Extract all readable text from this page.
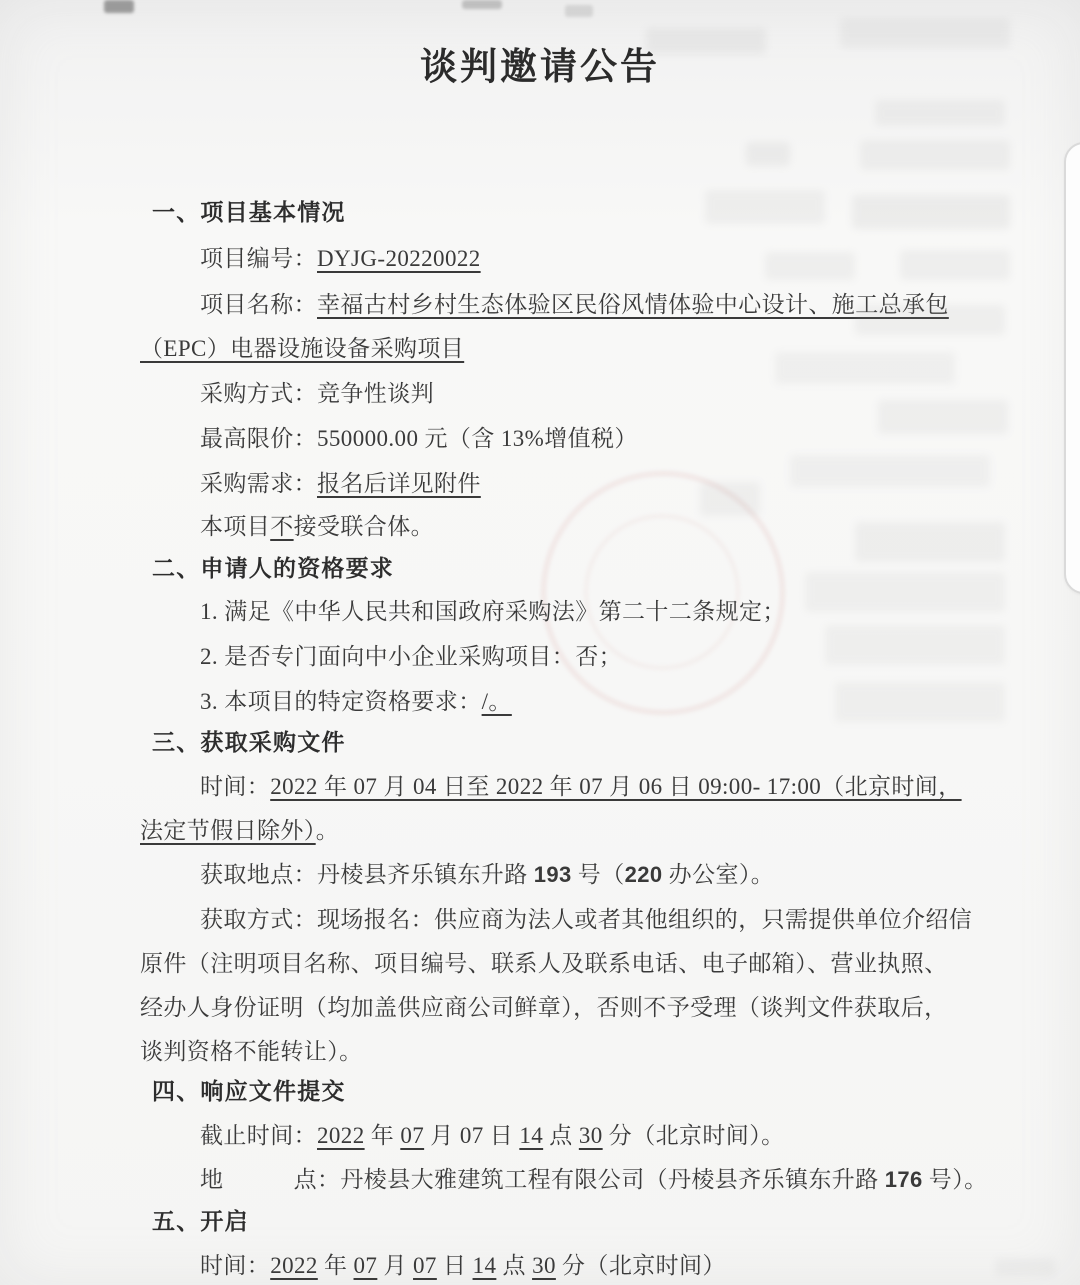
谈判邀请公告
一、项目基本情况
项目编号：DYJG-20220022
项目名称：幸福古村乡村生态体验区民俗风情体验中心设计、施工总承包
（EPC）电器设施设备采购项目
采购方式：竞争性谈判
最高限价：550000.00 元（含 13%增值税）
采购需求：报名后详见附件
本项目不接受联合体。
二、申请人的资格要求
1. 满足《中华人民共和国政府采购法》第二十二条规定；
2. 是否专门面向中小企业采购项目：否；
3. 本项目的特定资格要求：/。
三、获取采购文件
时间：2022 年 07 月 04 日至 2022 年 07 月 06 日 09:00- 17:00（北京时间，
法定节假日除外）。
获取地点：丹棱县齐乐镇东升路 193 号（220 办公室）。
获取方式：现场报名：供应商为法人或者其他组织的，只需提供单位介绍信
原件（注明项目名称、项目编号、联系人及联系电话、电子邮箱）、营业执照、
经办人身份证明（均加盖供应商公司鲜章），否则不予受理（谈判文件获取后，
谈判资格不能转让）。
四、响应文件提交
截止时间：2022 年 07 月 07 日 14 点 30 分（北京时间）。
地　　　点：丹棱县大雅建筑工程有限公司（丹棱县齐乐镇东升路 176 号）。
五、开启
时间：2022 年 07 月 07 日 14 点 30 分（北京时间）
